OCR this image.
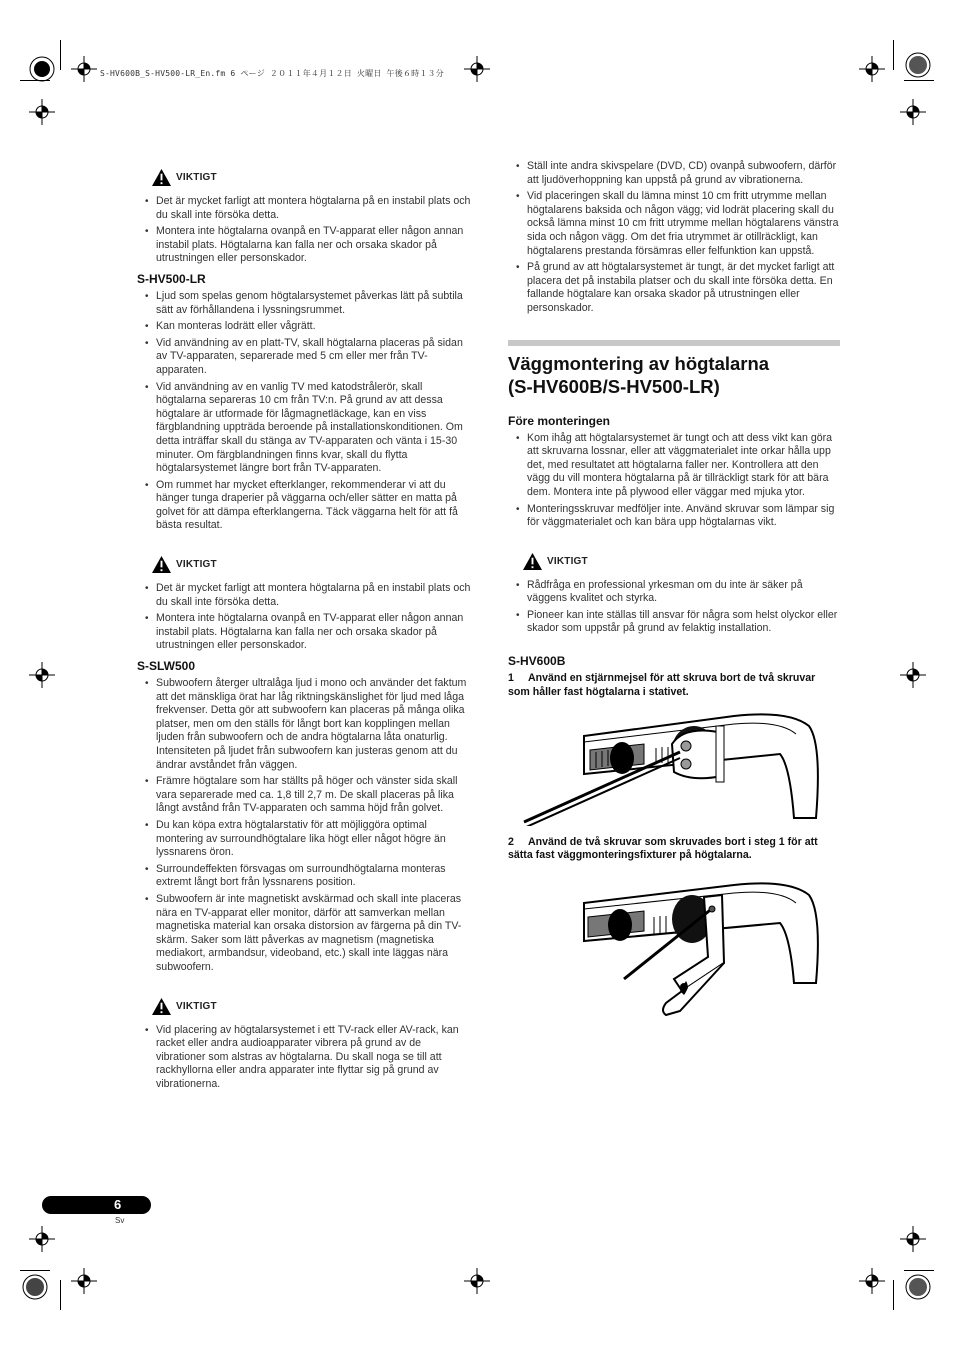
S-HV600B_S-HV500-LR_En.fm 6 ページ ２０１１年４月１２日 火曜日 午後６時１３分
VIKTIGT
• Det är mycket farligt att montera högtalarna på en instabil plats och du skall inte försöka detta.
• Montera inte högtalarna ovanpå en TV-apparat eller någon annan instabil plats. Högtalarna kan falla ner och orsaka skador på utrustningen eller personskador.
S-HV500-LR
• Ljud som spelas genom högtalarsystemet påverkas lätt på subtila sätt av förhållandena i lyssningsrummet.
• Kan monteras lodrätt eller vågrätt.
• Vid användning av en platt-TV, skall högtalarna placeras på sidan av TV-apparaten, separerade med 5 cm eller mer från TV-apparaten.
• Vid användning av en vanlig TV med katodstrålerör, skall högtalarna separeras 10 cm från TV:n. På grund av att dessa högtalare är utformade för lågmagnetläckage, kan en viss färgblandning uppträda beroende på installationskonditionen. Om detta inträffar skall du stänga av TV-apparaten och vänta i 15-30 minuter. Om färgblandningen finns kvar, skall du flytta högtalarsystemet längre bort från TV-apparaten.
• Om rummet har mycket efterklanger, rekommenderar vi att du hänger tunga draperier på väggarna och/eller sätter en matta på golvet för att dämpa efterklangerna. Täck väggarna helt för att få bästa resultat.
VIKTIGT
• Det är mycket farligt att montera högtalarna på en instabil plats och du skall inte försöka detta.
• Montera inte högtalarna ovanpå en TV-apparat eller någon annan instabil plats. Högtalarna kan falla ner och orsaka skador på utrustningen eller personskador.
S-SLW500
• Subwoofern återger ultralåga ljud i mono och använder det faktum att det mänskliga örat har låg riktningskänslighet för ljud med låga frekvenser. Detta gör att subwoofern kan placeras på många olika platser, men om den ställs för långt bort kan kopplingen mellan ljuden från subwoofern och de andra högtalarna låta onaturlig. Intensiteten på ljudet från subwoofern kan justeras genom att du ändrar avståndet från väggen.
• Främre högtalare som har ställts på höger och vänster sida skall vara separerade med ca. 1,8 till 2,7 m. De skall placeras på lika långt avstånd från TV-apparaten och samma höjd från golvet.
• Du kan köpa extra högtalarstativ för att möjliggöra optimal montering av surroundhögtalare lika högt eller något högre än lyssnarens öron.
• Surroundeffekten försvagas om surroundhögtalarna monteras extremt långt bort från lyssnarens position.
• Subwoofern är inte magnetiskt avskärmad och skall inte placeras nära en TV-apparat eller monitor, därför att samverkan mellan magnetiska material kan orsaka distorsion av färgerna på din TV-skärm. Saker som lätt påverkas av magnetism (magnetiska mediakort, armbandsur, videoband, etc.) skall inte läggas nära subwoofern.
VIKTIGT
• Vid placering av högtalarsystemet i ett TV-rack eller AV-rack, kan racket eller andra audioapparater vibrera på grund av de vibrationer som alstras av högtalarna. Du skall noga se till att rackhyllorna eller andra apparater inte flyttar sig på grund av vibrationerna.
• Ställ inte andra skivspelare (DVD, CD) ovanpå subwoofern, därför att ljudöverhoppning kan uppstå på grund av vibrationerna.
• Vid placeringen skall du lämna minst 10 cm fritt utrymme mellan högtalarens baksida och någon vägg; vid lodrät placering skall du också lämna minst 10 cm fritt utrymme mellan högtalarens vänstra sida och någon vägg. Om det fria utrymmet är otillräckligt, kan högtalarens prestanda försämras eller felfunktion kan uppstå.
• På grund av att högtalarsystemet är tungt, är det mycket farligt att placera det på instabila platser och du skall inte försöka detta. En fallande högtalare kan orsaka skador på utrustningen eller personskador.
Väggmontering av högtalarna
(S-HV600B/S-HV500-LR)
Före monteringen
• Kom ihåg att högtalarsystemet är tungt och att dess vikt kan göra att skruvarna lossnar, eller att väggmaterialet inte orkar hålla upp det, med resultatet att högtalarna faller ner. Kontrollera att den vägg du vill montera högtalarna på är tillräckligt stark för att bära dem. Montera inte på plywood eller väggar med mjuka ytor.
• Monteringsskruvar medföljer inte. Använd skruvar som lämpar sig för väggmaterialet och kan bära upp högtalarnas vikt.
VIKTIGT
• Rådfråga en professional yrkesman om du inte är säker på väggens kvalitet och styrka.
• Pioneer kan inte ställas till ansvar för några som helst olyckor eller skador som uppstår på grund av felaktig installation.
S-HV600B
1 Använd en stjärnmejsel för att skruva bort de två skruvar som håller fast högtalarna i stativet.
2 Använd de två skruvar som skruvades bort i steg 1 för att sätta fast väggmonteringsfixturer på högtalarna.
6
Sv
